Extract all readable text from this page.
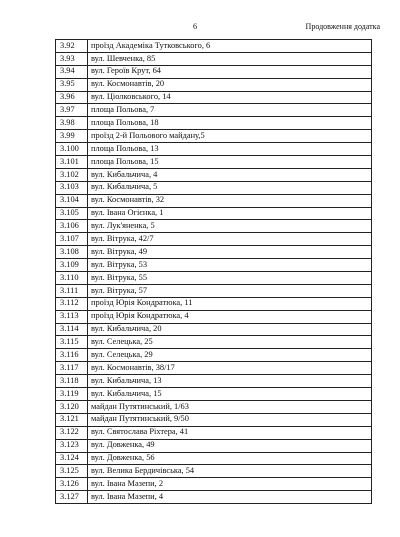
6	Продовження додатка
3.92	проїзд Академіка Тутковського, 6
3.93	вул. Шевченка, 85
3.94	вул. Героїв Крут, 64
3.95	вул. Космонавтів, 20
3.96	вул. Ціолковського, 14
3.97	площа Польова, 7
3.98	площа Польова, 18
3.99	проїзд 2-й Польового майдану,5
3.100	площа Польова, 13
3.101	площа Польова, 15
3.102	вул. Кибальчича, 4
3.103	вул. Кибальчича, 5
3.104	вул. Космонавтів, 32
3.105	вул. Івана Огієнка, 1
3.106	вул. Лук'яненка, 5
3.107	вул. Вітрука, 42/7
3.108	вул. Вітрука, 49
3.109	вул. Вітрука, 53
3.110	вул. Вітрука, 55
3.111	вул. Вітрука, 57
3.112	проїзд Юрія Кондратюка, 11
3.113	проїзд Юрія Кондратюка, 4
3.114	вул. Кибальчича, 20
3.115	вул. Селецька, 25
3.116	вул. Селецька, 29
3.117	вул. Космонавтів, 38/17
3.118	вул. Кибальчича, 13
3.119	вул. Кибальчича, 15
3.120	майдан Путятинський, 1/63
3.121	майдан Путятинський, 9/50
3.122	вул. Святослава Ріхтера, 41
3.123	вул. Довженка, 49
3.124	вул. Довженка, 56
3.125	вул. Велика Бердичівська, 54
3.126	вул. Івана Мазепи, 2
3.127	вул. Івана Мазепи, 4
